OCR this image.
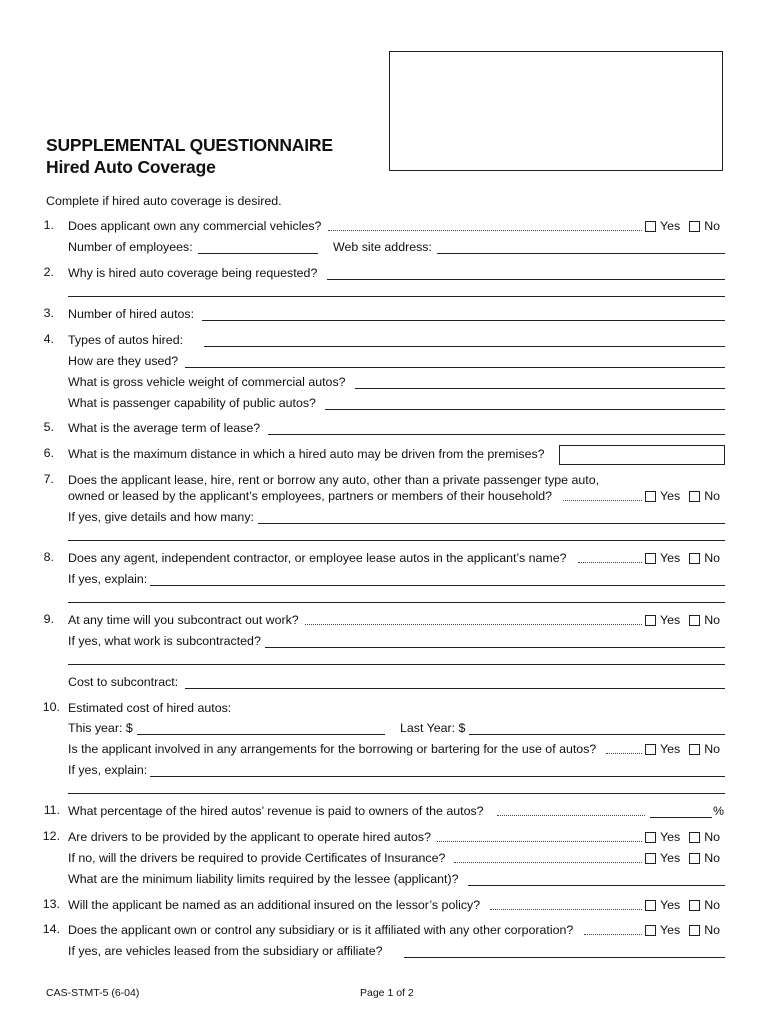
SUPPLEMENTAL QUESTIONNAIRE
Hired Auto Coverage
Complete if hired auto coverage is desired.
1. Does applicant own any commercial vehicles?	Yes No
Number of employees:	Web site address:
2. Why is hired auto coverage being requested?
3. Number of hired autos:
4. Types of autos hired:
How are they used?
What is gross vehicle weight of commercial autos?
What is passenger capability of public autos?
5. What is the average term of lease?
6. What is the maximum distance in which a hired auto may be driven from the premises?
7. Does the applicant lease, hire, rent or borrow any auto, other than a private passenger type auto,
owned or leased by the applicant’s employees, partners or members of their household?	Yes No
If yes, give details and how many:
8. Does any agent, independent contractor, or employee lease autos in the applicant’s name?	Yes No
If yes, explain:
9. At any time will you subcontract out work?	Yes No
If yes, what work is subcontracted?
Cost to subcontract:
10. Estimated cost of hired autos:
This year: $	Last Year: $
Is the applicant involved in any arrangements for the borrowing or bartering for the use of autos?	Yes No
If yes, explain:
11. What percentage of the hired autos’ revenue is paid to owners of the autos?	%
12. Are drivers to be provided by the applicant to operate hired autos?	Yes No
If no, will the drivers be required to provide Certificates of Insurance?	Yes No
What are the minimum liability limits required by the lessee (applicant)?
13. Will the applicant be named as an additional insured on the lessor’s policy?	Yes No
14. Does the applicant own or control any subsidiary or is it affiliated with any other corporation?	Yes No
If yes, are vehicles leased from the subsidiary or affiliate?
CAS-STMT-5 (6-04)	Page 1 of 2
